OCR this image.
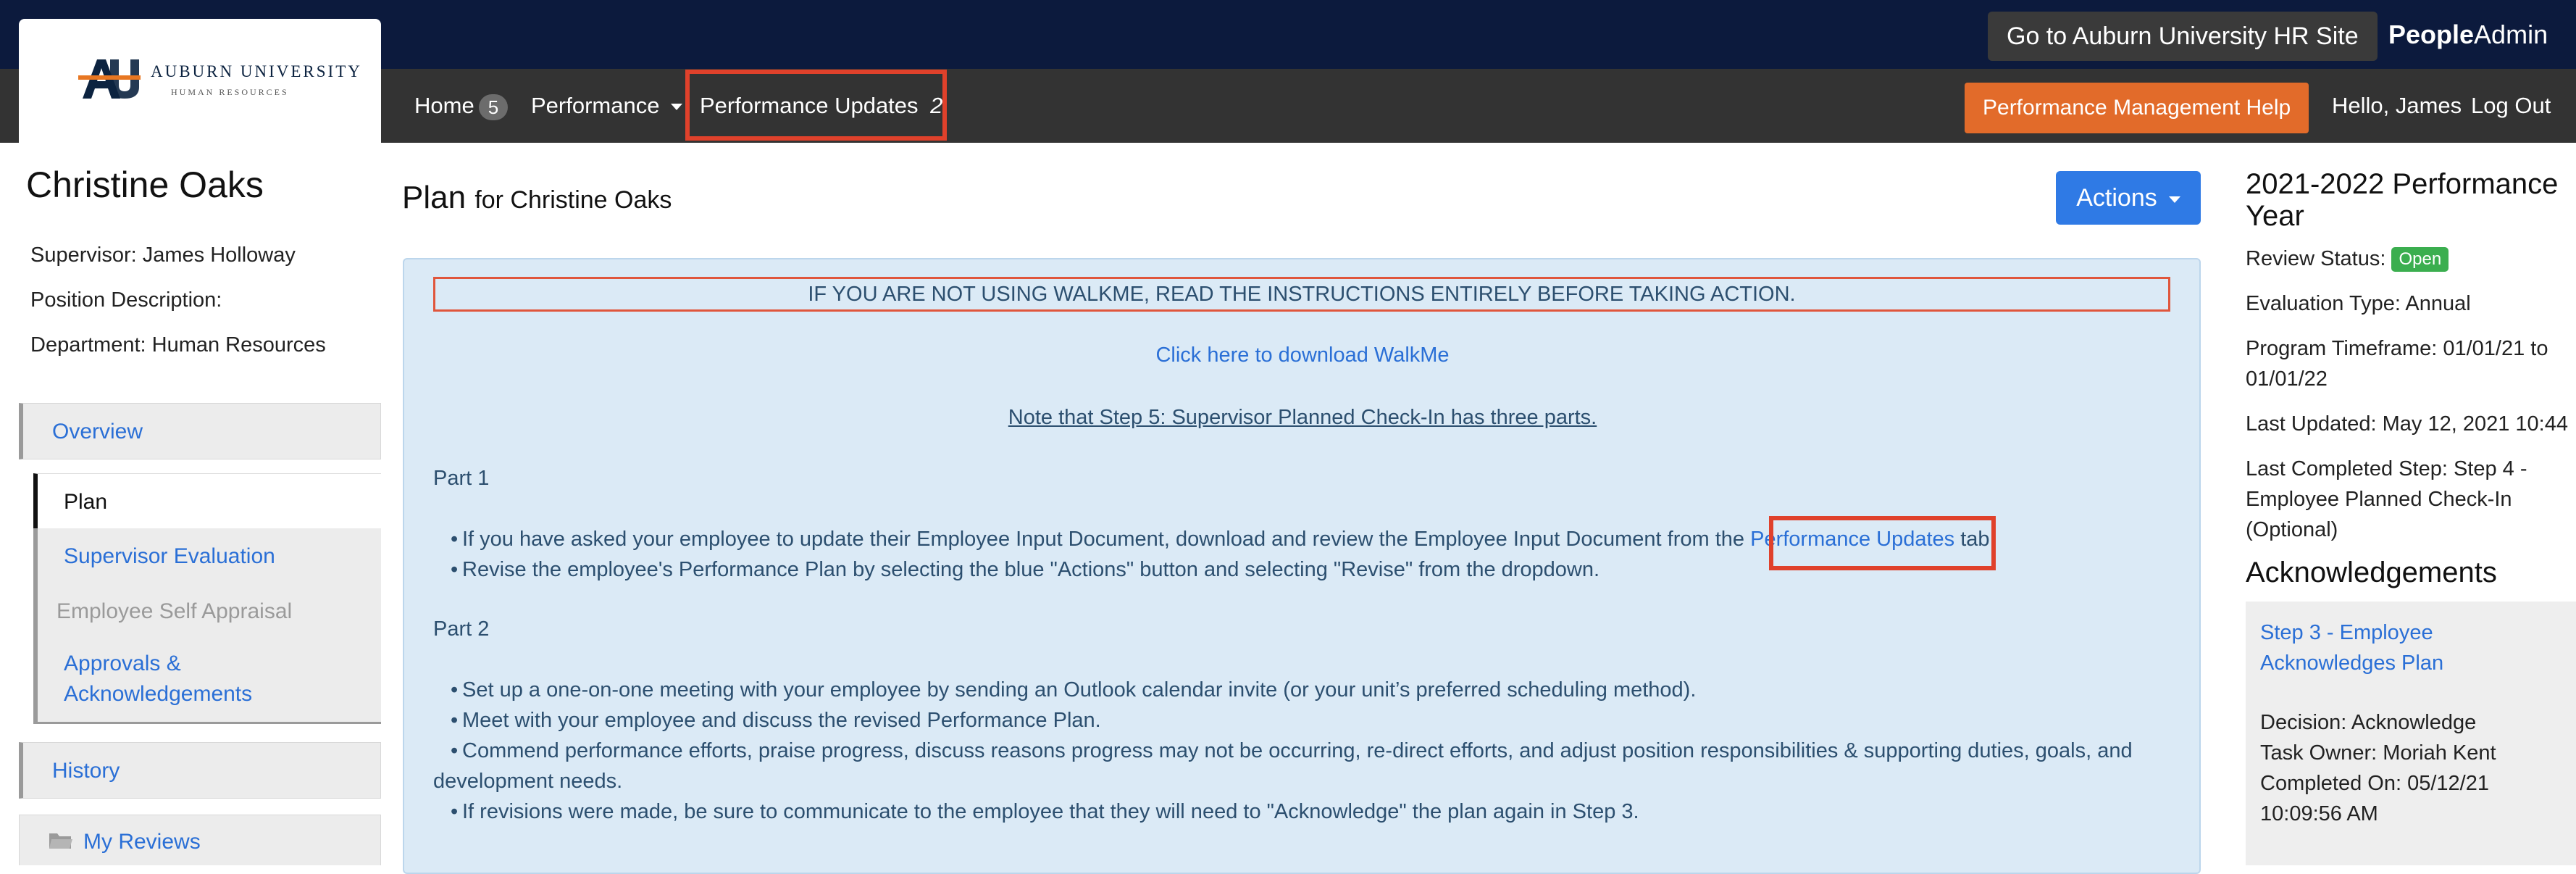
Go to Auburn University HR Site	PeopleAdmin
Home 5	Performance	Performance Updates 2	Hello, James Log Out
Performance Management Help
AUBURN UNIVERSITY
HUMAN RESOURCES
Christine Oaks
Supervisor: James Holloway
Position Description:
Department: Human Resources
Overview
Plan
Supervisor Evaluation
Employee Self Appraisal
Approvals &
Acknowledgements
History
My Reviews
Plan for Christine Oaks	Actions
IF YOU ARE NOT USING WALKME, READ THE INSTRUCTIONS ENTIRELY BEFORE TAKING ACTION.
Click here to download WalkMe
Note that Step 5: Supervisor Planned Check-In has three parts.
Part 1
• If you have asked your employee to update their Employee Input Document, download and review the Employee Input Document from the Performance Updates tab.
• Revise the employee's Performance Plan by selecting the blue "Actions" button and selecting "Revise" from the dropdown.
Part 2
• Set up a one-on-one meeting with your employee by sending an Outlook calendar invite (or your unit’s preferred scheduling method).
• Meet with your employee and discuss the revised Performance Plan.
• Commend performance efforts, praise progress, discuss reasons progress may not be occurring, re-direct efforts, and adjust position responsibilities & supporting duties, goals, and
development needs.
• If revisions were made, be sure to communicate to the employee that they will need to "Acknowledge" the plan again in Step 3.
2021-2022 Performance Year
Review Status: Open
Evaluation Type: Annual
Program Timeframe: 01/01/21 to
01/01/22
Last Updated: May 12, 2021 10:44
Last Completed Step: Step 4 -
Employee Planned Check-In
(Optional)
Acknowledgements
Step 3 - Employee
Acknowledges Plan
Decision: Acknowledge
Task Owner: Moriah Kent
Completed On: 05/12/21
10:09:56 AM
